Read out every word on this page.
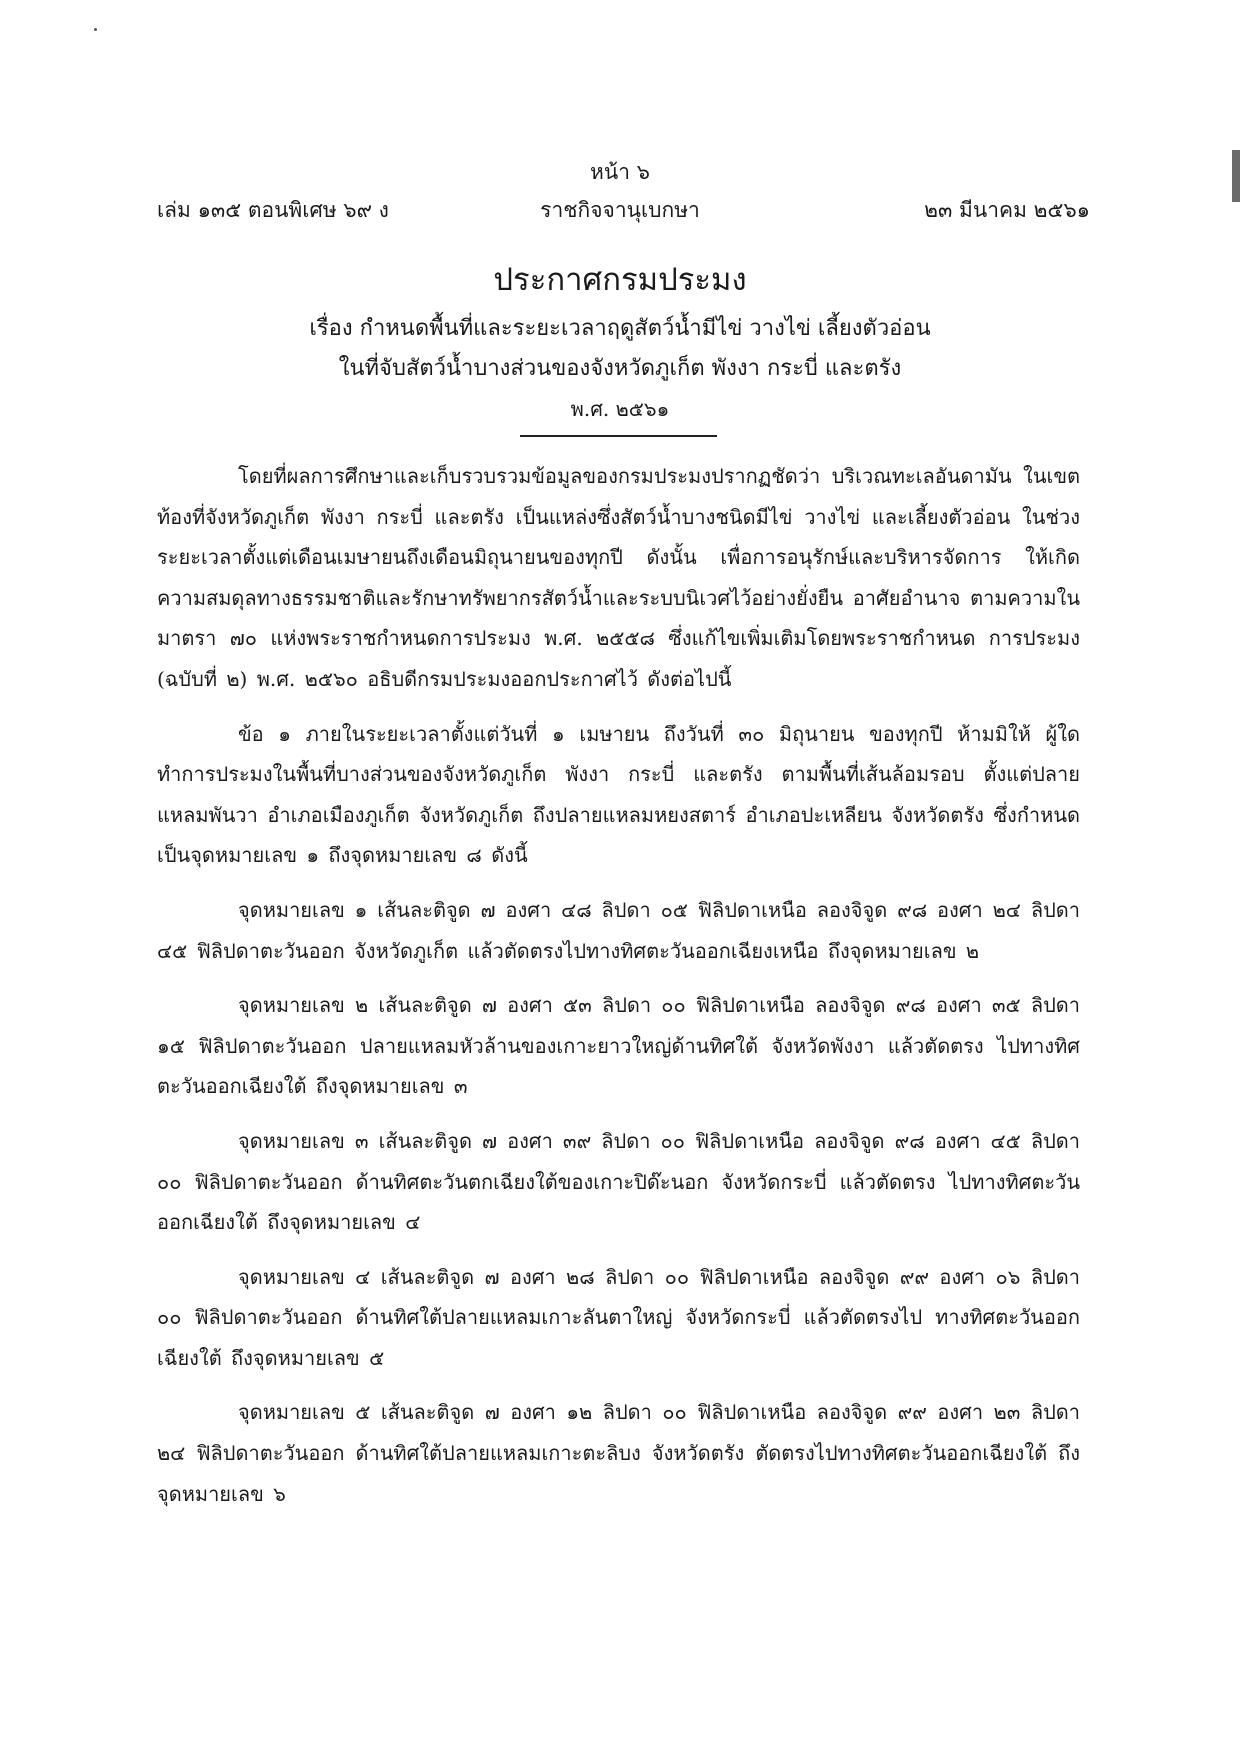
หน้า ๖
เล่ม ๑๓๕ ตอนพิเศษ ๖๙ ง	ราชกิจจานุเบกษา	๒๓ มีนาคม ๒๕๖๑
ประกาศกรมประมง
เรื่อง กำหนดพื้นที่และระยะเวลาฤดูสัตว์น้ำมีไข่ วางไข่ เลี้ยงตัวอ่อน
ในที่จับสัตว์น้ำบางส่วนของจังหวัดภูเก็ต พังงา กระบี่ และตรัง
พ.ศ. ๒๕๖๑

โดยที่ผลการศึกษาและเก็บรวบรวมข้อมูลของกรมประมงปรากฏชัดว่า บริเวณทะเลอันดามัน ในเขตท้องที่จังหวัดภูเก็ต พังงา กระบี่ และตรัง เป็นแหล่งซึ่งสัตว์น้ำบางชนิดมีไข่ วางไข่ และเลี้ยงตัวอ่อน ในช่วงระยะเวลาตั้งแต่เดือนเมษายนถึงเดือนมิถุนายนของทุกปี ดังนั้น เพื่อการอนุรักษ์และบริหารจัดการ ให้เกิดความสมดุลทางธรรมชาติและรักษาทรัพยากรสัตว์น้ำและระบบนิเวศไว้อย่างยั่งยืน อาศัยอำนาจ ตามความในมาตรา ๗๐ แห่งพระราชกำหนดการประมง พ.ศ. ๒๕๕๘ ซึ่งแก้ไขเพิ่มเติมโดยพระราชกำหนด การประมง (ฉบับที่ ๒) พ.ศ. ๒๕๖๐ อธิบดีกรมประมงออกประกาศไว้ ดังต่อไปนี้

ข้อ ๑ ภายในระยะเวลาตั้งแต่วันที่ ๑ เมษายน ถึงวันที่ ๓๐ มิถุนายน ของทุกปี ห้ามมิให้ ผู้ใดทำการประมงในพื้นที่บางส่วนของจังหวัดภูเก็ต พังงา กระบี่ และตรัง ตามพื้นที่เส้นล้อมรอบ ตั้งแต่ปลายแหลมพันวา อำเภอเมืองภูเก็ต จังหวัดภูเก็ต ถึงปลายแหลมหยงสตาร์ อำเภอปะเหลียน จังหวัดตรัง ซึ่งกำหนดเป็นจุดหมายเลข ๑ ถึงจุดหมายเลข ๘ ดังนี้

จุดหมายเลข ๑ เส้นละติจูด ๗ องศา ๔๘ ลิปดา ๐๕ ฟิลิปดาเหนือ ลองจิจูด ๙๘ องศา ๒๔ ลิปดา ๔๕ ฟิลิปดาตะวันออก จังหวัดภูเก็ต แล้วตัดตรงไปทางทิศตะวันออกเฉียงเหนือ ถึงจุดหมายเลข ๒

จุดหมายเลข ๒ เส้นละติจูด ๗ องศา ๕๓ ลิปดา ๐๐ ฟิลิปดาเหนือ ลองจิจูด ๙๘ องศา ๓๕ ลิปดา ๑๕ ฟิลิปดาตะวันออก ปลายแหลมหัวล้านของเกาะยาวใหญ่ด้านทิศใต้ จังหวัดพังงา แล้วตัดตรง ไปทางทิศตะวันออกเฉียงใต้ ถึงจุดหมายเลข ๓

จุดหมายเลข ๓ เส้นละติจูด ๗ องศา ๓๙ ลิปดา ๐๐ ฟิลิปดาเหนือ ลองจิจูด ๙๘ องศา ๔๕ ลิปดา ๐๐ ฟิลิปดาตะวันออก ด้านทิศตะวันตกเฉียงใต้ของเกาะปิด๊ะนอก จังหวัดกระบี่ แล้วตัดตรง ไปทางทิศตะวันออกเฉียงใต้ ถึงจุดหมายเลข ๔

จุดหมายเลข ๔ เส้นละติจูด ๗ องศา ๒๘ ลิปดา ๐๐ ฟิลิปดาเหนือ ลองจิจูด ๙๙ องศา ๐๖ ลิปดา ๐๐ ฟิลิปดาตะวันออก ด้านทิศใต้ปลายแหลมเกาะลันตาใหญ่ จังหวัดกระบี่ แล้วตัดตรงไป ทางทิศตะวันออกเฉียงใต้ ถึงจุดหมายเลข ๕

จุดหมายเลข ๕ เส้นละติจูด ๗ องศา ๑๒ ลิปดา ๐๐ ฟิลิปดาเหนือ ลองจิจูด ๙๙ องศา ๒๓ ลิปดา ๒๔ ฟิลิปดาตะวันออก ด้านทิศใต้ปลายแหลมเกาะตะลิบง จังหวัดตรัง ตัดตรงไปทางทิศตะวันออกเฉียงใต้ ถึงจุดหมายเลข ๖
